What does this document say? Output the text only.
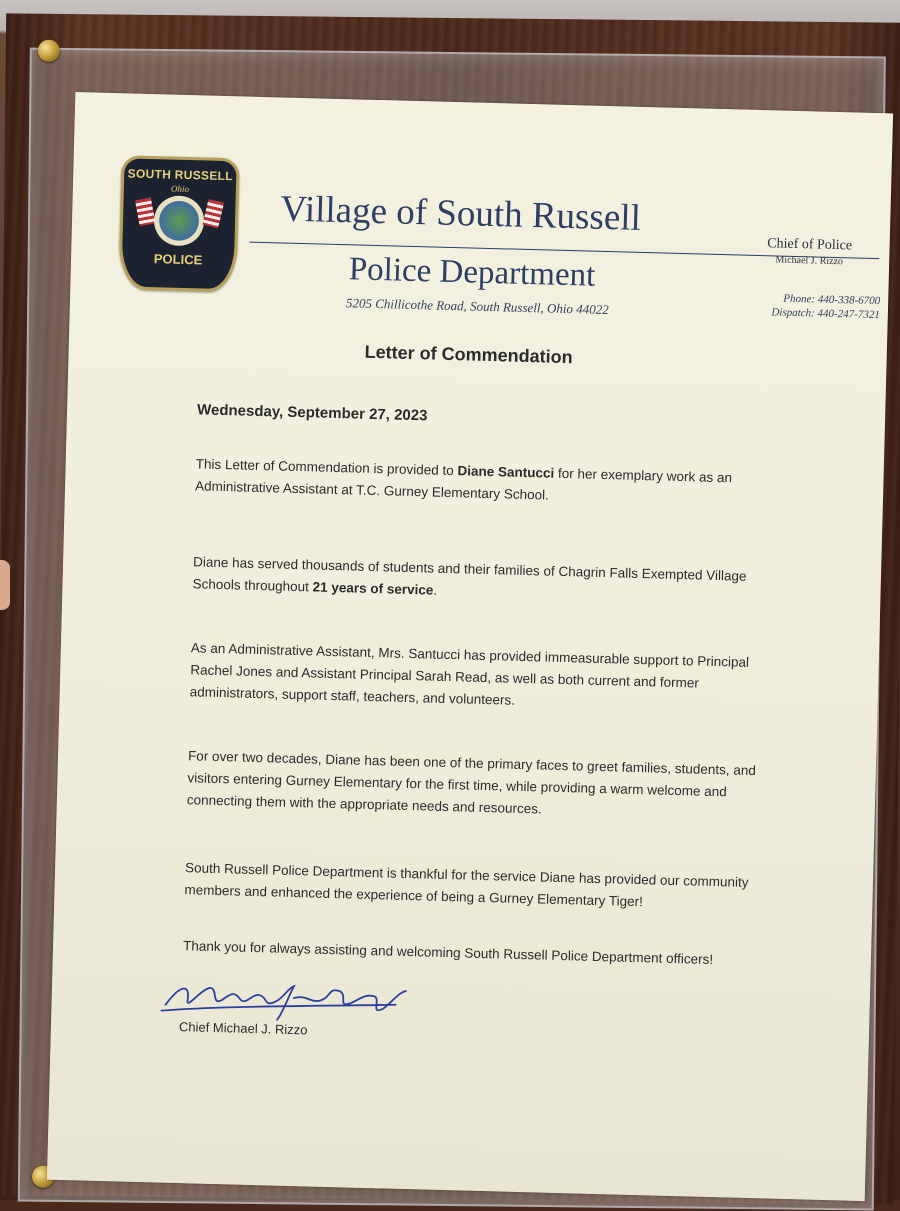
SOUTH RUSSELL
Ohio
POLICE
Village of South Russell
Police Department
5205 Chillicothe Road, South Russell, Ohio 44022
Chief of Police
Michael J. Rizzo
Phone: 440-338-6700
Dispatch: 440-247-7321
Letter of Commendation
Wednesday, September 27, 2023
This Letter of Commendation is provided to Diane Santucci for her exemplary work as an Administrative Assistant at T.C. Gurney Elementary School.
Diane has served thousands of students and their families of Chagrin Falls Exempted Village Schools throughout 21 years of service.
As an Administrative Assistant, Mrs. Santucci has provided immeasurable support to Principal Rachel Jones and Assistant Principal Sarah Read, as well as both current and former administrators, support staff, teachers, and volunteers.
For over two decades, Diane has been one of the primary faces to greet families, students, and visitors entering Gurney Elementary for the first time, while providing a warm welcome and connecting them with the appropriate needs and resources.
South Russell Police Department is thankful for the service Diane has provided our community members and enhanced the experience of being a Gurney Elementary Tiger!
Thank you for always assisting and welcoming South Russell Police Department officers!
Chief Michael J. Rizzo
